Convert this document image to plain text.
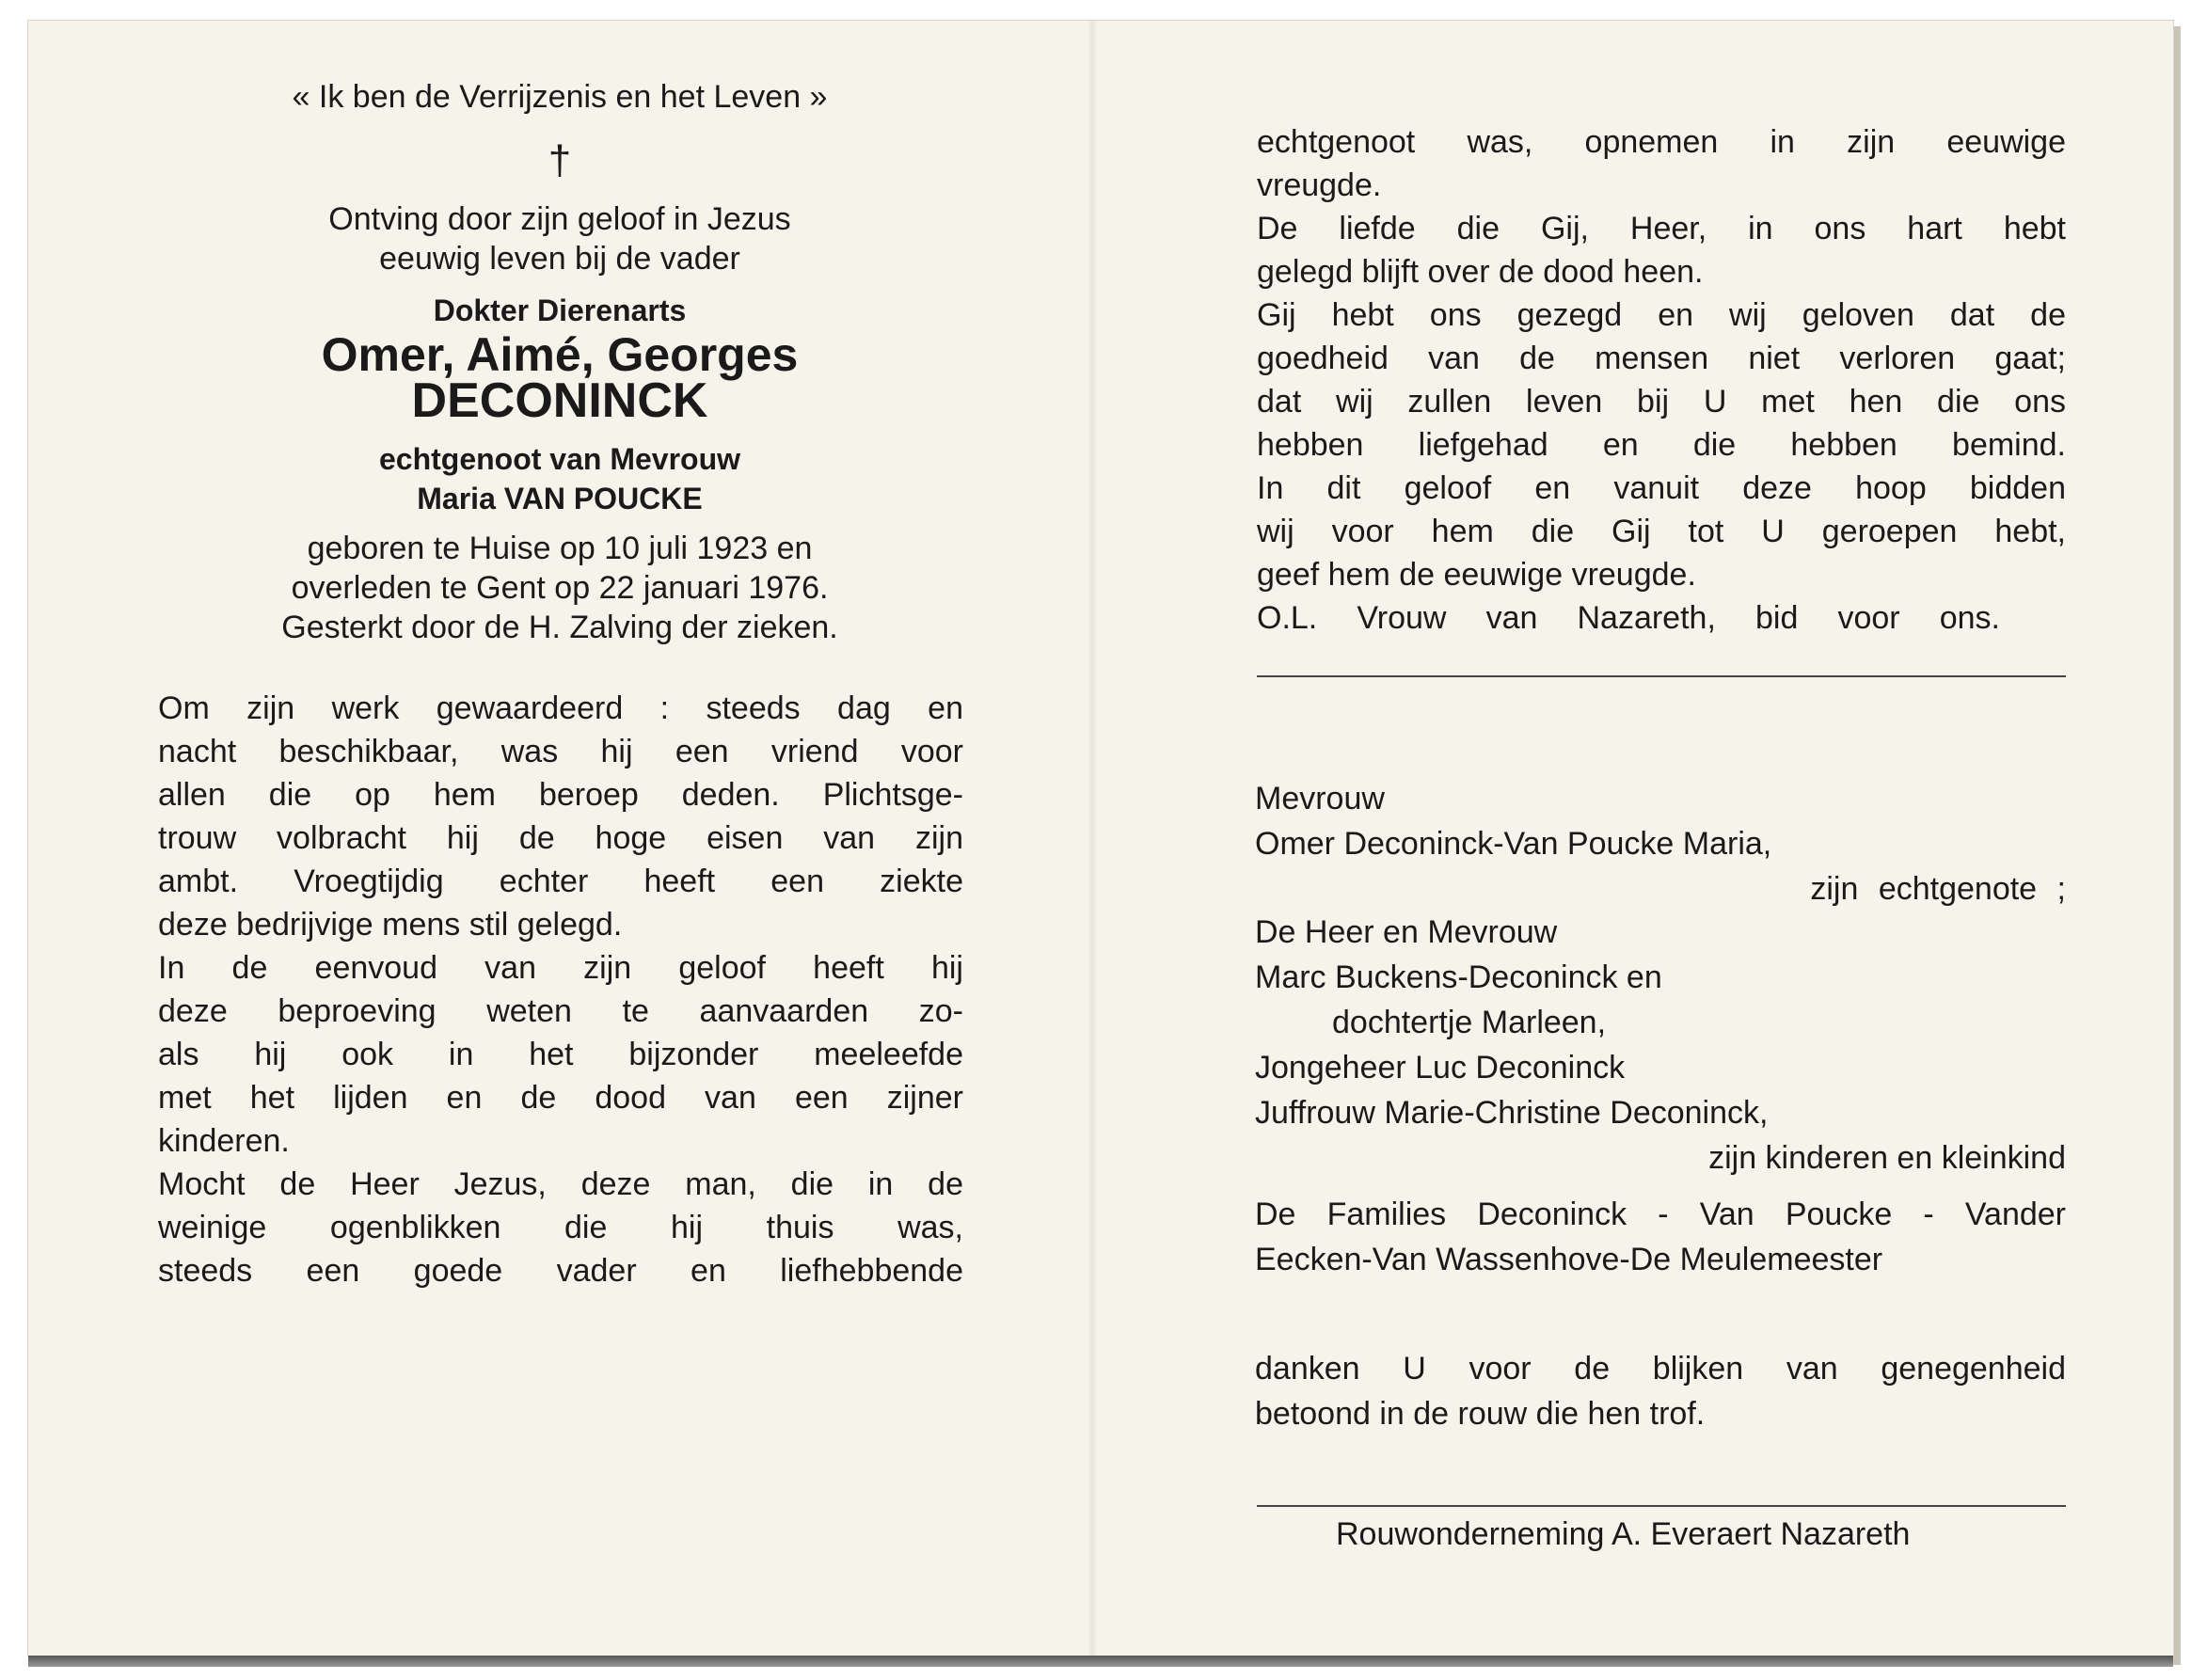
« Ik ben de Verrijzenis en het Leven »
†
Ontving door zijn geloof in Jezus
eeuwig leven bij de vader
Dokter Dierenarts
Omer, Aimé, Georges
DECONINCK
echtgenoot van Mevrouw
Maria VAN POUCKE
geboren te Huise op 10 juli 1923 en
overleden te Gent op 22 januari 1976.
Gesterkt door de H. Zalving der zieken.
Om zijn werk gewaardeerd : steeds dag en
nacht beschikbaar, was hij een vriend voor
allen die op hem beroep deden. Plichtsge-
trouw volbracht hij de hoge eisen van zijn
ambt. Vroegtijdig echter heeft een ziekte
deze bedrijvige mens stil gelegd.
In de eenvoud van zijn geloof heeft hij
deze beproeving weten te aanvaarden zo-
als hij ook in het bijzonder meeleefde
met het lijden en de dood van een zijner
kinderen.
Mocht de Heer Jezus, deze man, die in de
weinige ogenblikken die hij thuis was,
steeds een goede vader en liefhebbende
echtgenoot was, opnemen in zijn eeuwige
vreugde.
De liefde die Gij, Heer, in ons hart hebt
gelegd blijft over de dood heen.
Gij hebt ons gezegd en wij geloven dat de
goedheid van de mensen niet verloren gaat;
dat wij zullen leven bij U met hen die ons
hebben liefgehad en die hebben bemind.
In dit geloof en vanuit deze hoop bidden
wij voor hem die Gij tot U geroepen hebt,
geef hem de eeuwige vreugde.
O.L. Vrouw van Nazareth, bid voor ons.
Mevrouw
Omer Deconinck-Van Poucke Maria,
zijn echtgenote ;
De Heer en Mevrouw
Marc Buckens-Deconinck en
dochtertje Marleen,
Jongeheer Luc Deconinck
Juffrouw Marie-Christine Deconinck,
zijn kinderen en kleinkind
De Families Deconinck - Van Poucke - Vander
Eecken-Van Wassenhove-De Meulemeester
danken U voor de blijken van genegenheid
betoond in de rouw die hen trof.
Rouwonderneming A. Everaert Nazareth
